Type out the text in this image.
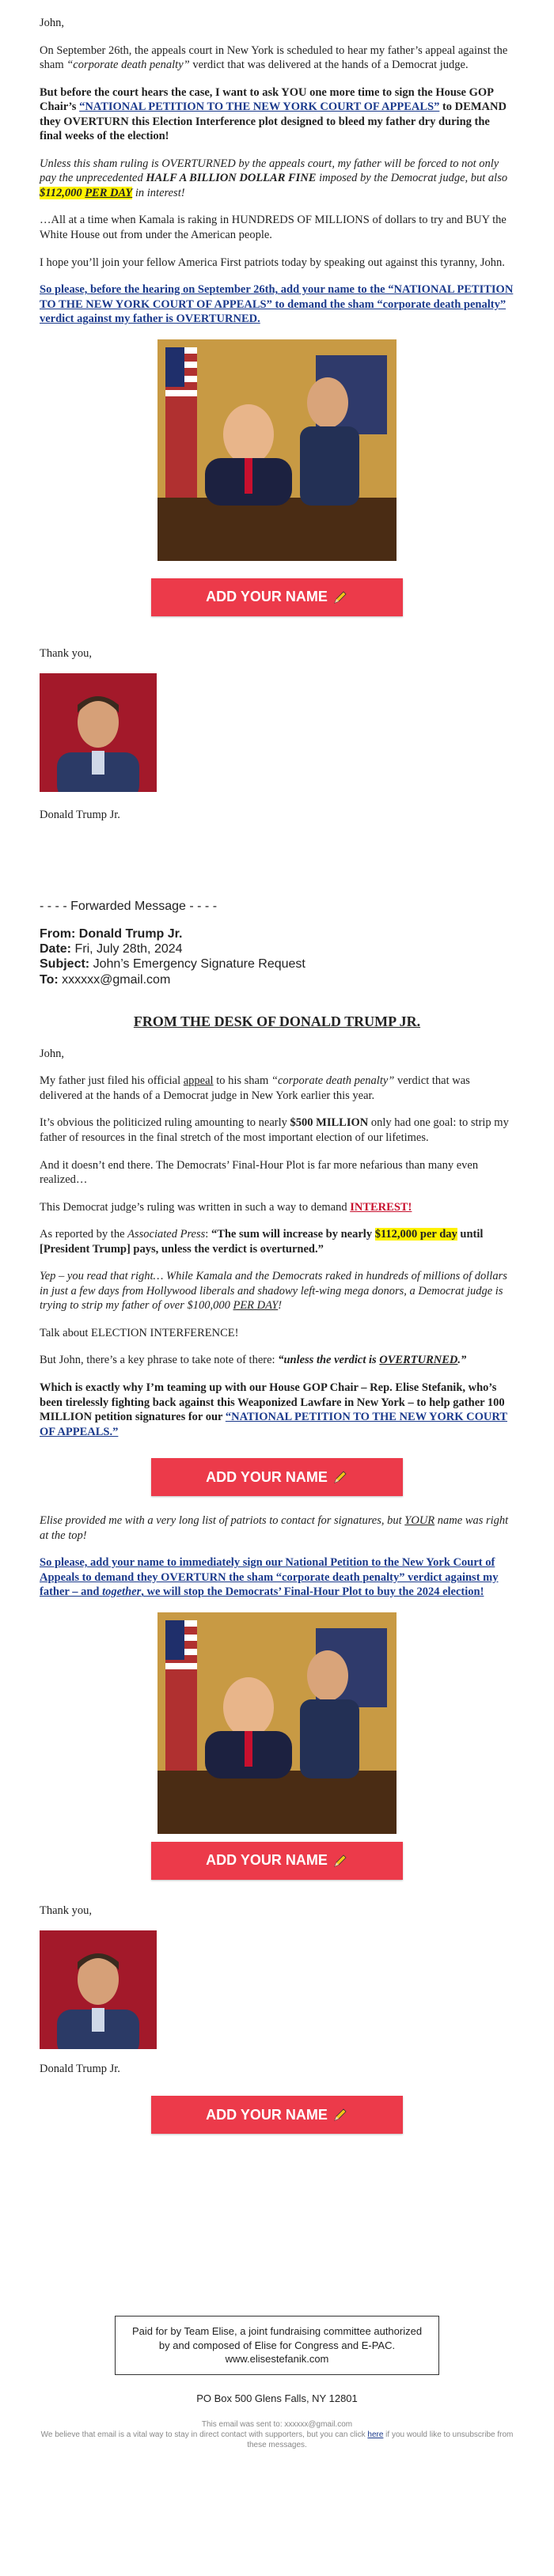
John,

On September 26th, the appeals court in New York is scheduled to hear my father’s appeal against the sham “corporate death penalty” verdict that was delivered at the hands of a Democrat judge.

But before the court hears the case, I want to ask YOU one more time to sign the House GOP Chair’s “NATIONAL PETITION TO THE NEW YORK COURT OF APPEALS” to DEMAND they OVERTURN this Election Interference plot designed to bleed my father dry during the final weeks of the election!

Unless this sham ruling is OVERTURNED by the appeals court, my father will be forced to not only pay the unprecedented HALF A BILLION DOLLAR FINE imposed by the Democrat judge, but also $112,000 PER DAY in interest!

…All at a time when Kamala is raking in HUNDREDS OF MILLIONS of dollars to try and BUY the White House out from under the American people.

I hope you’ll join your fellow America First patriots today by speaking out against this tyranny, John.

So please, before the hearing on September 26th, add your name to the “NATIONAL PETITION TO THE NEW YORK COURT OF APPEALS” to demand the sham “corporate death penalty” verdict against my father is OVERTURNED.

ADD YOUR NAME

Thank you,

Donald Trump Jr.

- - - - Forwarded Message - - - -

From: Donald Trump Jr.

Date: Fri, July 28th, 2024

Subject: John’s Emergency Signature Request

To: xxxxxx@gmail.com

FROM THE DESK OF DONALD TRUMP JR.

John,

My father just filed his official appeal to his sham “corporate death penalty” verdict that was delivered at the hands of a Democrat judge in New York earlier this year.

It’s obvious the politicized ruling amounting to nearly $500 MILLION only had one goal: to strip my father of resources in the final stretch of the most important election of our lifetimes.

And it doesn’t end there. The Democrats’ Final-Hour Plot is far more nefarious than many even realized…

This Democrat judge’s ruling was written in such a way to demand INTEREST!

As reported by the Associated Press: “The sum will increase by nearly $112,000 per day until [President Trump] pays, unless the verdict is overturned.”

Yep – you read that right… While Kamala and the Democrats raked in hundreds of millions of dollars in just a few days from Hollywood liberals and shadowy left-wing mega donors, a Democrat judge is trying to strip my father of over $100,000 PER DAY!

Talk about ELECTION INTERFERENCE!

But John, there’s a key phrase to take note of there: “unless the verdict is OVERTURNED.”

Which is exactly why I’m teaming up with our House GOP Chair – Rep. Elise Stefanik, who’s been tirelessly fighting back against this Weaponized Lawfare in New York – to help gather 100 MILLION petition signatures for our “NATIONAL PETITION TO THE NEW YORK COURT OF APPEALS.”

ADD YOUR NAME

Elise provided me with a very long list of patriots to contact for signatures, but YOUR name was right at the top!

So please, add your name to immediately sign our National Petition to the New York Court of Appeals to demand they OVERTURN the sham “corporate death penalty” verdict against my father – and together, we will stop the Democrats’ Final-Hour Plot to buy the 2024 election!

ADD YOUR NAME

Thank you,

Donald Trump Jr.

ADD YOUR NAME
Paid for by Team Elise, a joint fundraising committee authorized by and composed of Elise for Congress and E-PAC. www.elisestefanik.com

PO Box 500 Glens Falls, NY 12801

This email was sent to: xxxxxx@gmail.com

We believe that email is a vital way to stay in direct contact with supporters, but you can click here if you would like to unsubscribe from these messages.
